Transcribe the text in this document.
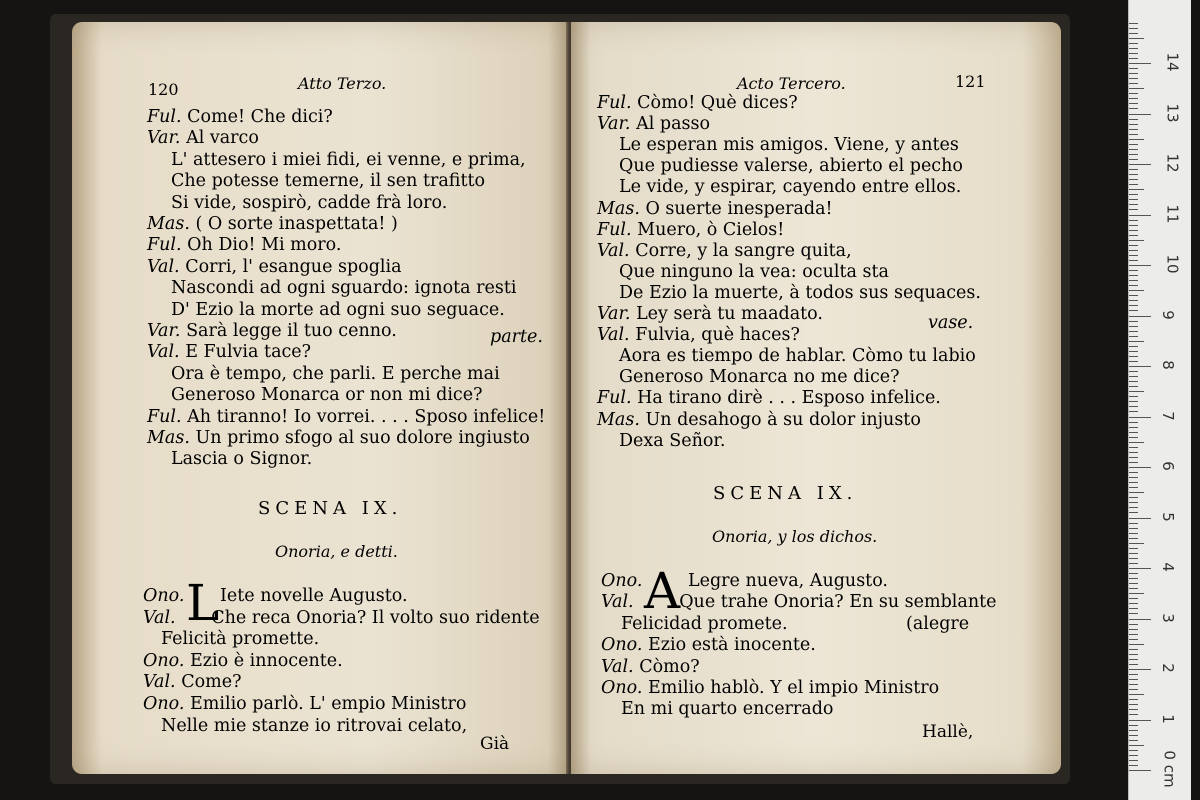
120	Atto Terzo.	Acto Tercero.	121
Ful. Come! Che dici?
Var. Al varco
L' attesero i miei fidi, ei venne, e prima,
Che potesse temerne, il sen trafitto
Si vide, sospirò, cadde frà loro.
Mas. ( O sorte inaspettata! )
Ful. Oh Dio! Mi moro.
Val. Corri, l' esangue spoglia
Nascondi ad ogni sguardo: ignota resti
D' Ezio la morte ad ogni suo seguace.
Var. Sarà legge il tuo cenno.
Val. E Fulvia tace?
Ora è tempo, che parli. E perche mai
Generoso Monarca or non mi dice?
Ful. Ah tiranno! Io vorrei. . . . Sposo infelice!
Mas. Un primo sfogo al suo dolore ingiusto
Lascia o Signor.
Ono. Iete novelle Augusto.
Val. Che reca Onoria? Il volto suo ridente
Felicità promette.
Ono. Ezio è innocente.
Val. Come?
Ono. Emilio parlò. L' empio Ministro
Nelle mie stanze io ritrovai celato,
Ful. Còmo! Què dices?
Var. Al passo
Le esperan mis amigos. Viene, y antes
Que pudiesse valerse, abierto el pecho
Le vide, y espirar, cayendo entre ellos.
Mas. O suerte inesperada!
Ful. Muero, ò Cielos!
Val. Corre, y la sangre quita,
Que ninguno la vea: oculta sta
De Ezio la muerte, à todos sus sequaces.
Var. Ley serà tu maadato.
Val. Fulvia, què haces?
Aora es tiempo de hablar. Còmo tu labio
Generoso Monarca no me dice?
Ful. Ha tirano dirè . . . Esposo infelice.
Mas. Un desahogo à su dolor injusto
Dexa Señor.
Ono.	Legre nueva, Augusto.
Val.	Que trahe Onoria? En su semblante
Felicidad promete.
Ono. Ezio està inocente.
Val. Còmo?
Ono. Emilio hablò. Y el impio Ministro
En mi quarto encerrado
SCENA IX.
Onoria, e detti.
L
parte.
Già
SCENA IX.
Onoria, y los dichos.
A
vase.
(alegre
Hallè,
14
13
12
11
10
9
8
7
6
5
4
3
2
1
0 cm
